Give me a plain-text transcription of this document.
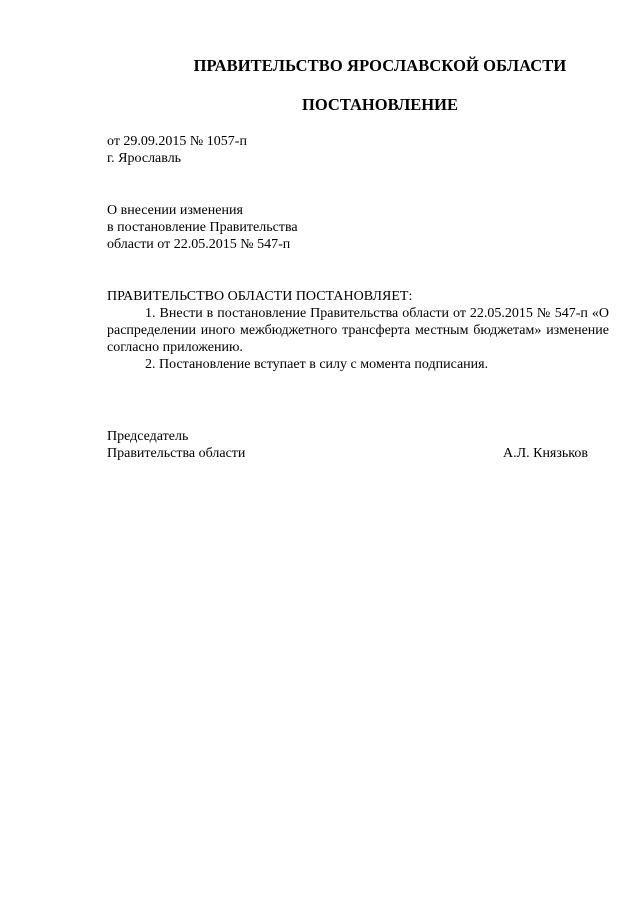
ПРАВИТЕЛЬСТВО ЯРОСЛАВСКОЙ ОБЛАСТИ
ПОСТАНОВЛЕНИЕ
от 29.09.2015 № 1057-п
г. Ярославль
О внесении изменения
в постановление Правительства
области от 22.05.2015 № 547-п
ПРАВИТЕЛЬСТВО ОБЛАСТИ ПОСТАНОВЛЯЕТ:
1. Внести в постановление Правительства области от 22.05.2015 № 547-п «О распределении иного межбюджетного трансферта местным бюджетам» изменение согласно приложению.
2. Постановление вступает в силу с момента подписания.
Председатель
Правительства области	А.Л. Князьков
